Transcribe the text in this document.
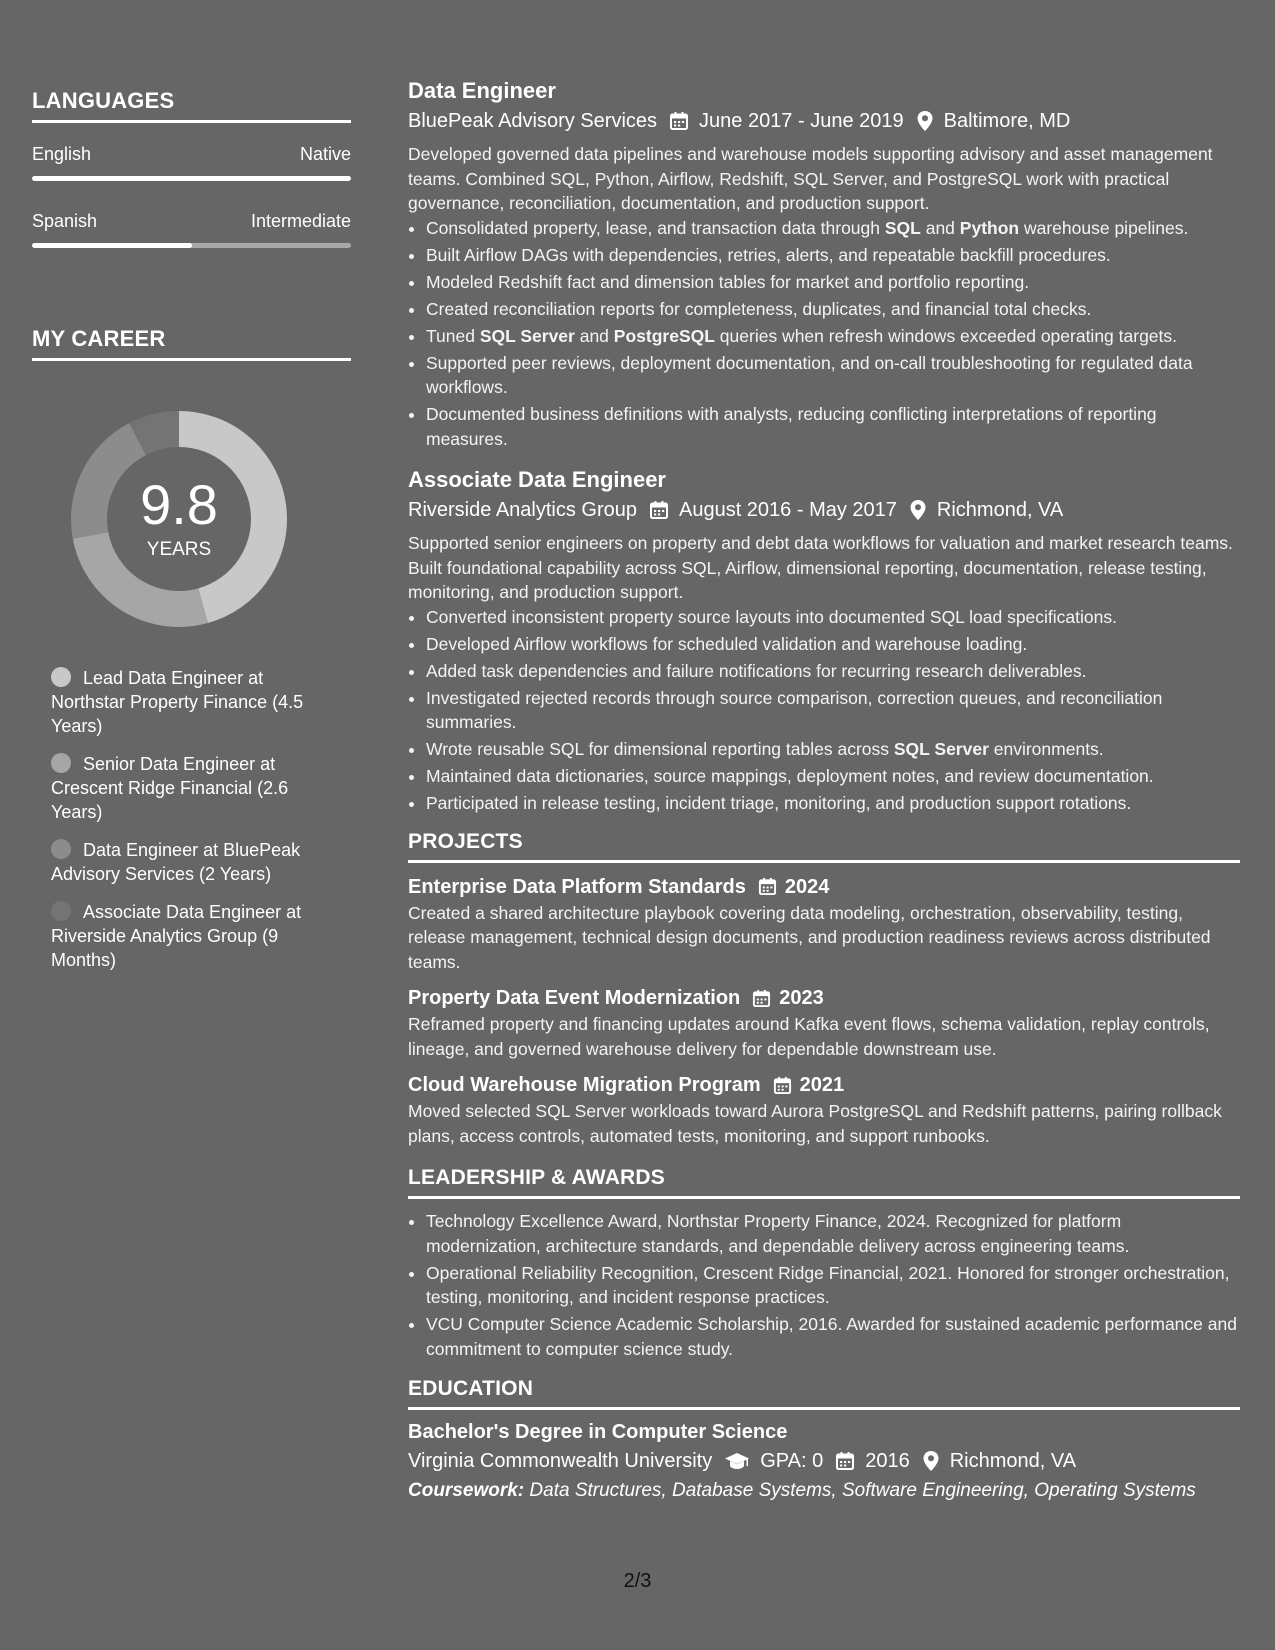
LANGUAGES
English	Native
Spanish	Intermediate
MY CAREER
9.8
YEARS
Lead Data Engineer at Northstar Property Finance (4.5 Years)
Senior Data Engineer at Crescent Ridge Financial (2.6 Years)
Data Engineer at BluePeak Advisory Services (2 Years)
Associate Data Engineer at Riverside Analytics Group (9 Months)
Data Engineer
BluePeak Advisory Services June 2017 - June 2019 Baltimore, MD
Developed governed data pipelines and warehouse models supporting advisory and asset management teams. Combined SQL, Python, Airflow, Redshift, SQL Server, and PostgreSQL work with practical governance, reconciliation, documentation, and production support.
• Consolidated property, lease, and transaction data through SQL and Python warehouse pipelines.
• Built Airflow DAGs with dependencies, retries, alerts, and repeatable backfill procedures.
• Modeled Redshift fact and dimension tables for market and portfolio reporting.
• Created reconciliation reports for completeness, duplicates, and financial total checks.
• Tuned SQL Server and PostgreSQL queries when refresh windows exceeded operating targets.
• Supported peer reviews, deployment documentation, and on-call troubleshooting for regulated data workflows.
• Documented business definitions with analysts, reducing conflicting interpretations of reporting measures.
Associate Data Engineer
Riverside Analytics Group August 2016 - May 2017 Richmond, VA
Supported senior engineers on property and debt data workflows for valuation and market research teams. Built foundational capability across SQL, Airflow, dimensional reporting, documentation, release testing, monitoring, and production support.
• Converted inconsistent property source layouts into documented SQL load specifications.
• Developed Airflow workflows for scheduled validation and warehouse loading.
• Added task dependencies and failure notifications for recurring research deliverables.
• Investigated rejected records through source comparison, correction queues, and reconciliation summaries.
• Wrote reusable SQL for dimensional reporting tables across SQL Server environments.
• Maintained data dictionaries, source mappings, deployment notes, and review documentation.
• Participated in release testing, incident triage, monitoring, and production support rotations.
PROJECTS
Enterprise Data Platform Standards 2024
Created a shared architecture playbook covering data modeling, orchestration, observability, testing, release management, technical design documents, and production readiness reviews across distributed teams.
Property Data Event Modernization 2023
Reframed property and financing updates around Kafka event flows, schema validation, replay controls, lineage, and governed warehouse delivery for dependable downstream use.
Cloud Warehouse Migration Program 2021
Moved selected SQL Server workloads toward Aurora PostgreSQL and Redshift patterns, pairing rollback plans, access controls, automated tests, monitoring, and support runbooks.
LEADERSHIP & AWARDS
• Technology Excellence Award, Northstar Property Finance, 2024. Recognized for platform modernization, architecture standards, and dependable delivery across engineering teams.
• Operational Reliability Recognition, Crescent Ridge Financial, 2021. Honored for stronger orchestration, testing, monitoring, and incident response practices.
• VCU Computer Science Academic Scholarship, 2016. Awarded for sustained academic performance and commitment to computer science study.
EDUCATION
Bachelor's Degree in Computer Science
Virginia Commonwealth University GPA: 0 2016 Richmond, VA
Coursework: Data Structures, Database Systems, Software Engineering, Operating Systems
2/3
